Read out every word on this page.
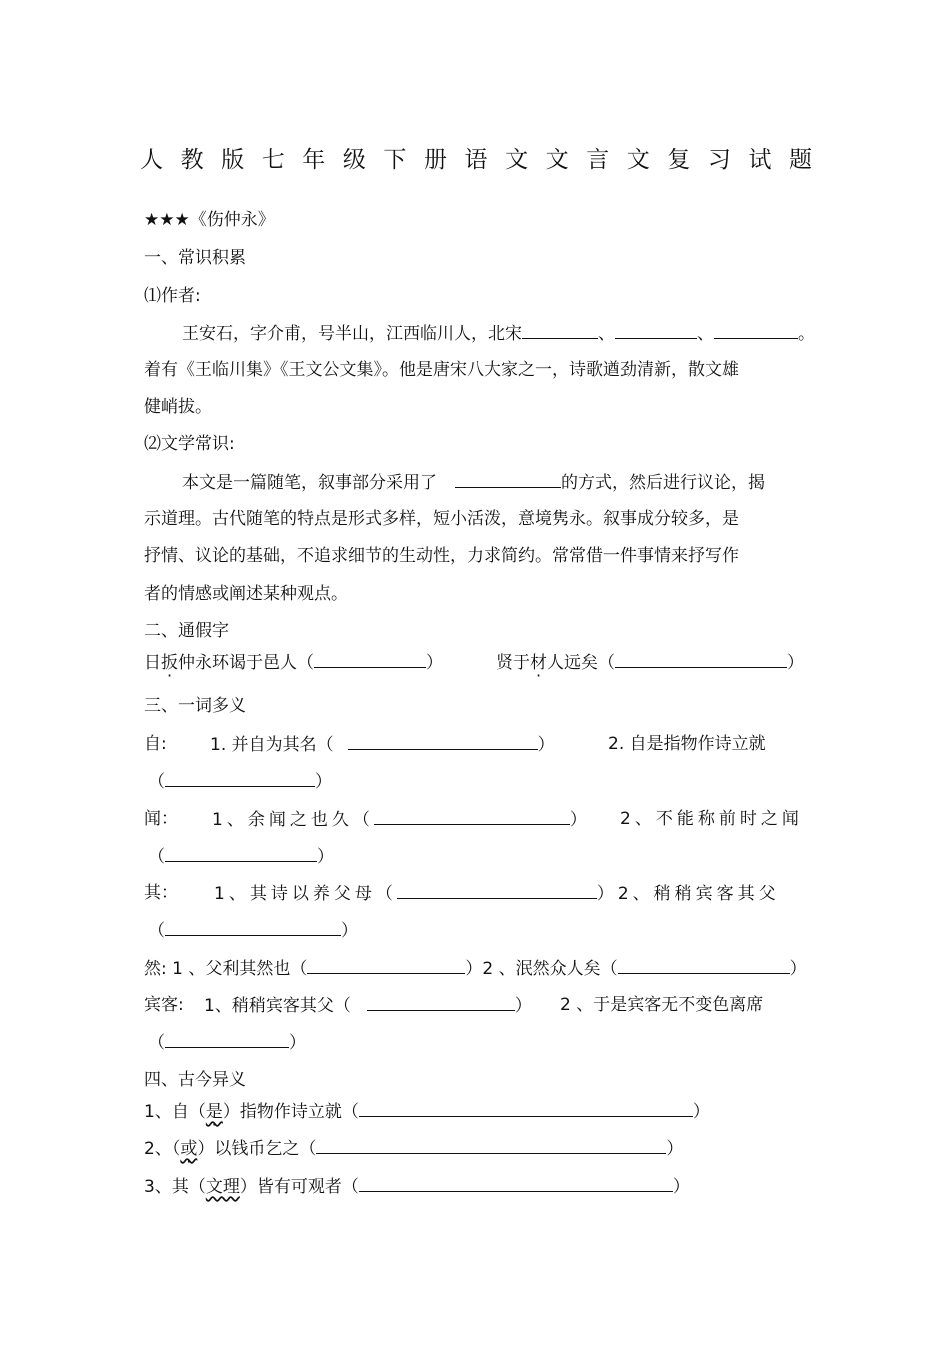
人 教 版 七 年 级 下 册 语 文 文 言 文 复 习 试 题
★★★《伤仲永》
一、常识积累
⑴作者:
王安石，字介甫，号半山，江西临川人，北宋	、	、	。
着有《王临川集》《王文公文集》。他是唐宋八大家之一，诗歌遒劲清新，散文雄
健峭拔。
⑵文学常识:
本文是一篇随笔，叙事部分采用了	的方式，然后进行议论，揭
示道理。古代随笔的特点是形式多样，短小活泼，意境隽永。叙事成分较多，是
抒情、议论的基础，不追求细节的生动性，力求简约。常常借一件事情来抒写作
者的情感或阐述某种观点。
二、通假字
日扳仲永环谒于邑人（	）	贤于材人远矣（	）
三、一词多义
自:	1. 并自为其名（	）	2. 自是指物作诗立就
（	）
闻： 1、余闻之也久（	） 2、不能称前时之闻
（	）
其： 1、其诗以养父母（	）2、稍稍宾客其父
（	）
然: 1 、父利其然也（	）2 、泯然众人矣（	）
宾客: 1、稍稍宾客其父（	） 2 、于是宾客无不变色离席
（	）
四、古今异义
1、自（是）指物作诗立就（	）
2、（或）以钱币乞之（	）
3、其（文理）皆有可观者（	）
